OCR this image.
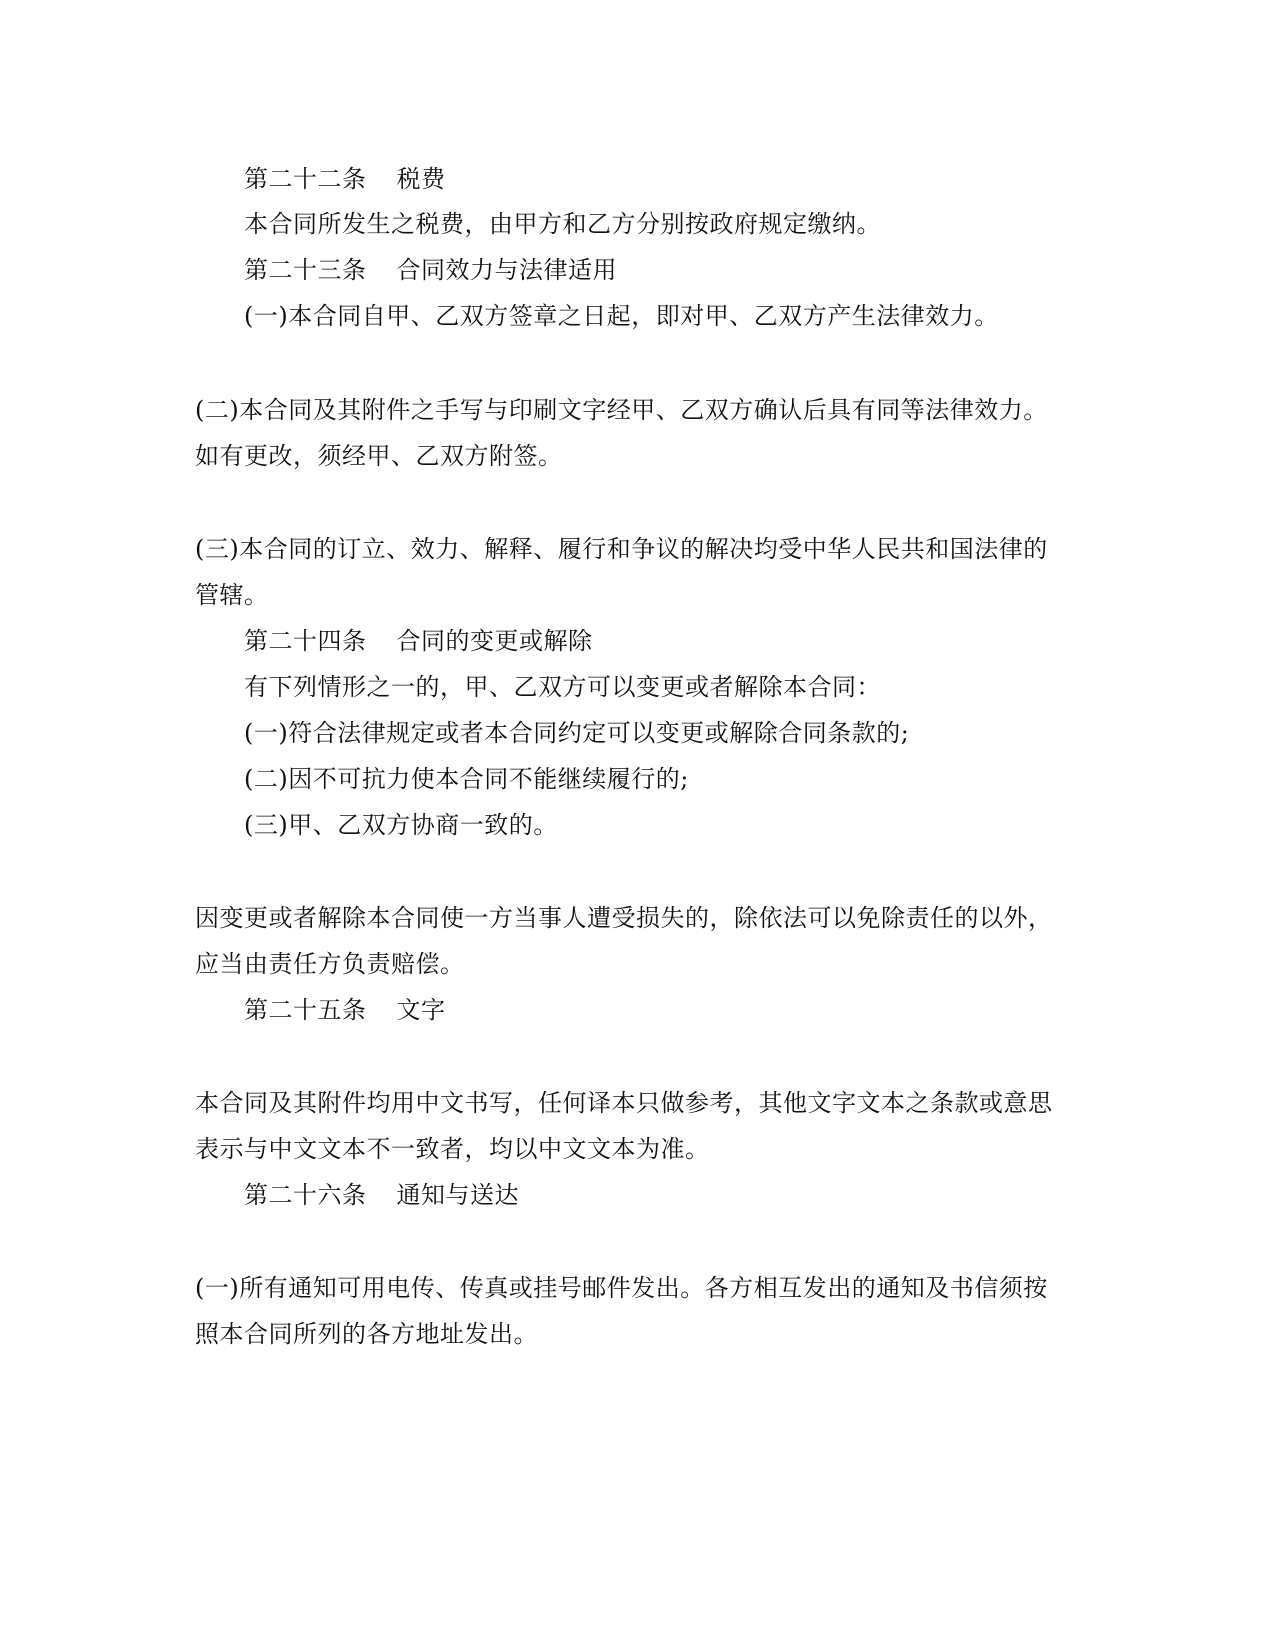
第二十二条 税费
本合同所发生之税费，由甲方和乙方分别按政府规定缴纳。
第二十三条 合同效力与法律适用
(一)本合同自甲、乙双方签章之日起，即对甲、乙双方产生法律效力。
(二)本合同及其附件之手写与印刷文字经甲、乙双方确认后具有同等法律效力。
如有更改，须经甲、乙双方附签。
(三)本合同的订立、效力、解释、履行和争议的解决均受中华人民共和国法律的
管辖。
第二十四条 合同的变更或解除
有下列情形之一的，甲、乙双方可以变更或者解除本合同：
(一)符合法律规定或者本合同约定可以变更或解除合同条款的;
(二)因不可抗力使本合同不能继续履行的;
(三)甲、乙双方协商一致的。
因变更或者解除本合同使一方当事人遭受损失的，除依法可以免除责任的以外，
应当由责任方负责赔偿。
第二十五条 文字
本合同及其附件均用中文书写，任何译本只做参考，其他文字文本之条款或意思
表示与中文文本不一致者，均以中文文本为准。
第二十六条 通知与送达
(一)所有通知可用电传、传真或挂号邮件发出。各方相互发出的通知及书信须按
照本合同所列的各方地址发出。
